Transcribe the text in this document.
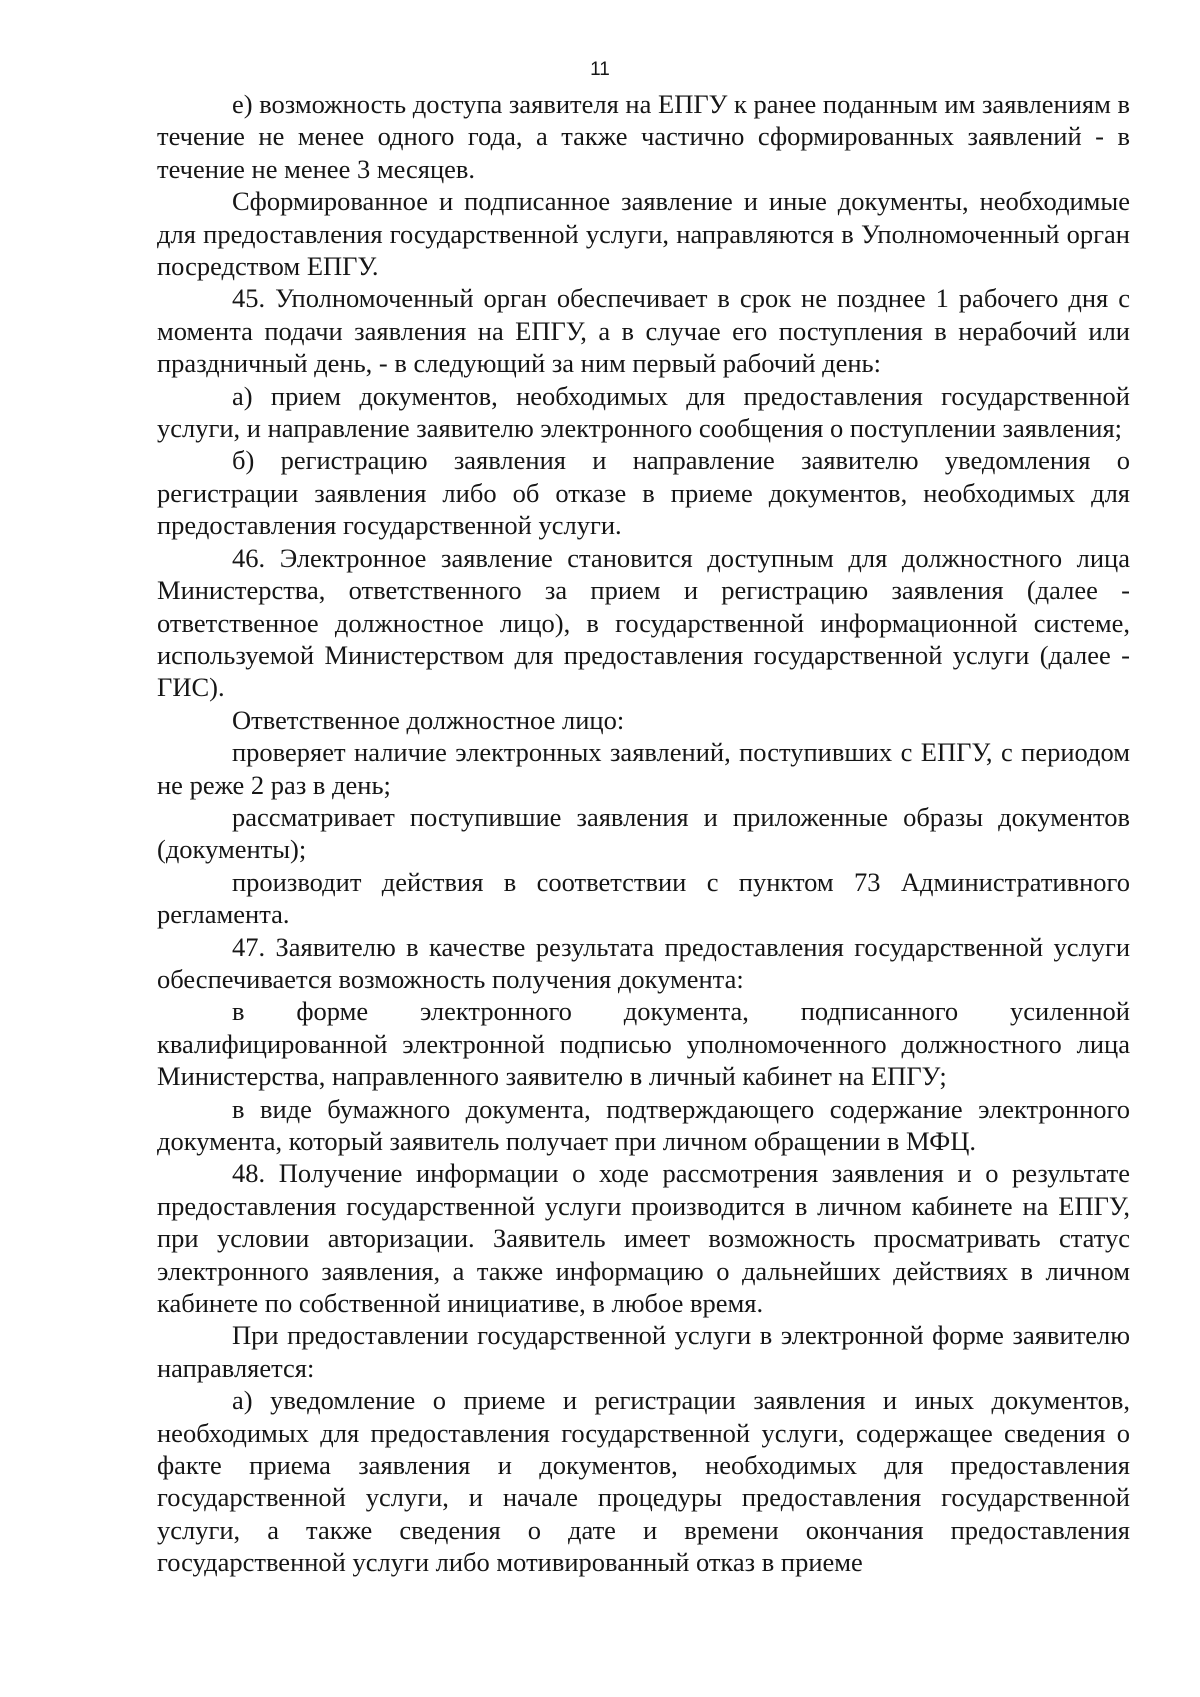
11

е) возможность доступа заявителя на ЕПГУ к ранее поданным им заявлениям в течение не менее одного года, а также частично сформированных заявлений - в течение не менее 3 месяцев.

Сформированное и подписанное заявление и иные документы, необходимые для предоставления государственной услуги, направляются в Уполномоченный орган посредством ЕПГУ.

45. Уполномоченный орган обеспечивает в срок не позднее 1 рабочего дня с момента подачи заявления на ЕПГУ, а в случае его поступления в нерабочий или праздничный день, - в следующий за ним первый рабочий день:

а) прием документов, необходимых для предоставления государственной услуги, и направление заявителю электронного сообщения о поступлении заявления;

б) регистрацию заявления и направление заявителю уведомления о регистрации заявления либо об отказе в приеме документов, необходимых для предоставления государственной услуги.

46. Электронное заявление становится доступным для должностного лица Министерства, ответственного за прием и регистрацию заявления (далее - ответственное должностное лицо), в государственной информационной системе, используемой Министерством для предоставления государственной услуги (далее - ГИС).

Ответственное должностное лицо:

проверяет наличие электронных заявлений, поступивших с ЕПГУ, с периодом не реже 2 раз в день;

рассматривает поступившие заявления и приложенные образы документов (документы);

производит действия в соответствии с пунктом 73 Административного регламента.

47. Заявителю в качестве результата предоставления государственной услуги обеспечивается возможность получения документа:

в форме электронного документа, подписанного усиленной квалифицированной электронной подписью уполномоченного должностного лица Министерства, направленного заявителю в личный кабинет на ЕПГУ;

в виде бумажного документа, подтверждающего содержание электронного документа, который заявитель получает при личном обращении в МФЦ.

48. Получение информации о ходе рассмотрения заявления и о результате предоставления государственной услуги производится в личном кабинете на ЕПГУ, при условии авторизации. Заявитель имеет возможность просматривать статус электронного заявления, а также информацию о дальнейших действиях в личном кабинете по собственной инициативе, в любое время.

При предоставлении государственной услуги в электронной форме заявителю направляется:

а) уведомление о приеме и регистрации заявления и иных документов, необходимых для предоставления государственной услуги, содержащее сведения о факте приема заявления и документов, необходимых для предоставления государственной услуги, и начале процедуры предоставления государственной услуги, а также сведения о дате и времени окончания предоставления государственной услуги либо мотивированный отказ в приеме
